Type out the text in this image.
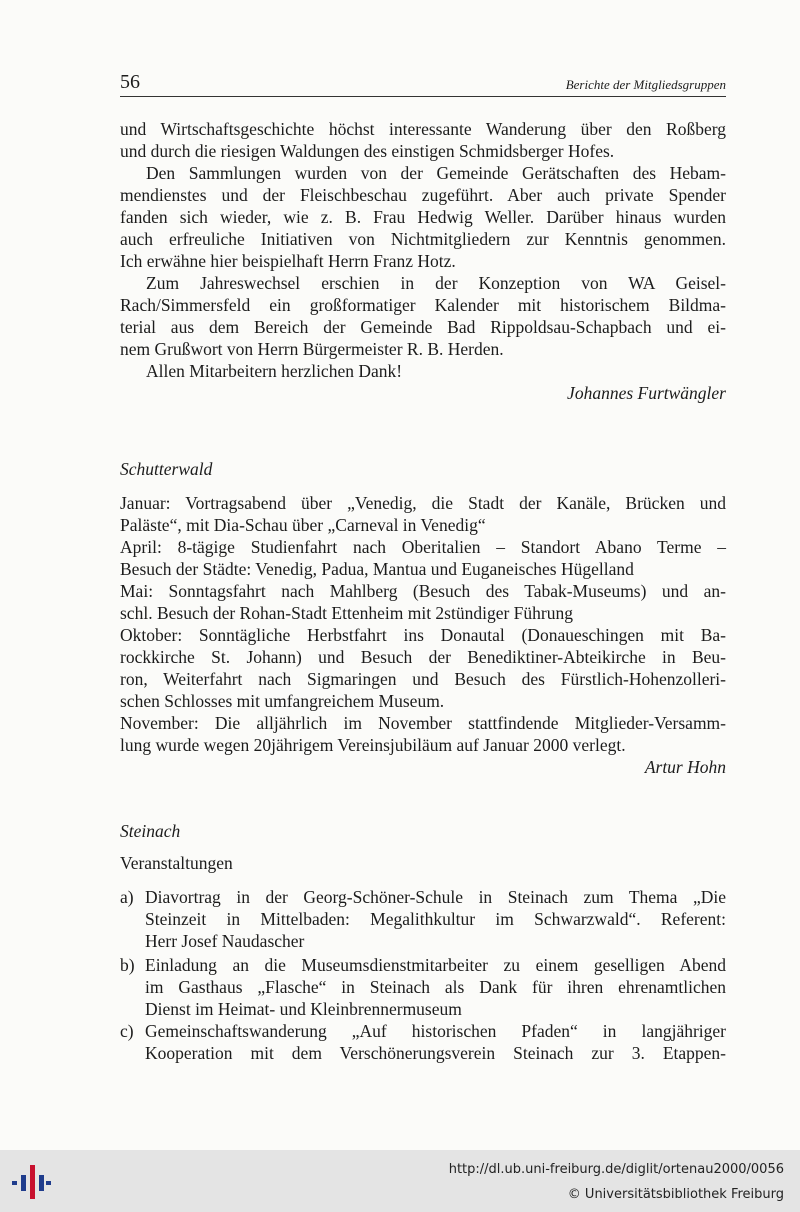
56	Berichte der Mitgliedsgruppen
und Wirtschaftsgeschichte höchst interessante Wanderung über den Roßberg
und durch die riesigen Waldungen des einstigen Schmidsberger Hofes.
Den Sammlungen wurden von der Gemeinde Gerätschaften des Hebam-
mendienstes und der Fleischbeschau zugeführt. Aber auch private Spender
fanden sich wieder, wie z. B. Frau Hedwig Weller. Darüber hinaus wurden
auch erfreuliche Initiativen von Nichtmitgliedern zur Kenntnis genommen.
Ich erwähne hier beispielhaft Herrn Franz Hotz.
Zum Jahreswechsel erschien in der Konzeption von WA Geisel-
Rach/Simmersfeld ein großformatiger Kalender mit historischem Bildma-
terial aus dem Bereich der Gemeinde Bad Rippoldsau-Schapbach und ei-
nem Grußwort von Herrn Bürgermeister R. B. Herden.
Allen Mitarbeitern herzlichen Dank!
Johannes Furtwängler
Schutterwald
Januar: Vortragsabend über „Venedig, die Stadt der Kanäle, Brücken und
Paläste“, mit Dia-Schau über „Carneval in Venedig“
April: 8-tägige Studienfahrt nach Oberitalien – Standort Abano Terme –
Besuch der Städte: Venedig, Padua, Mantua und Euganeisches Hügelland
Mai: Sonntagsfahrt nach Mahlberg (Besuch des Tabak-Museums) und an-
schl. Besuch der Rohan-Stadt Ettenheim mit 2stündiger Führung
Oktober: Sonntägliche Herbstfahrt ins Donautal (Donaueschingen mit Ba-
rockkirche St. Johann) und Besuch der Benediktiner-Abteikirche in Beu-
ron, Weiterfahrt nach Sigmaringen und Besuch des Fürstlich-Hohenzolleri-
schen Schlosses mit umfangreichem Museum.
November: Die alljährlich im November stattfindende Mitglieder-Versamm-
lung wurde wegen 20jährigem Vereinsjubiläum auf Januar 2000 verlegt.
Artur Hohn
Steinach
Veranstaltungen
a) Diavortrag in der Georg-Schöner-Schule in Steinach zum Thema „Die
Steinzeit in Mittelbaden: Megalithkultur im Schwarzwald“. Referent:
Herr Josef Naudascher
b) Einladung an die Museumsdienstmitarbeiter zu einem geselligen Abend
im Gasthaus „Flasche“ in Steinach als Dank für ihren ehrenamtlichen
Dienst im Heimat- und Kleinbrennermuseum
c) Gemeinschaftswanderung „Auf historischen Pfaden“ in langjähriger
Kooperation mit dem Verschönerungsverein Steinach zur 3. Etappen-
http://dl.ub.uni-freiburg.de/diglit/ortenau2000/0056
© Universitätsbibliothek Freiburg
